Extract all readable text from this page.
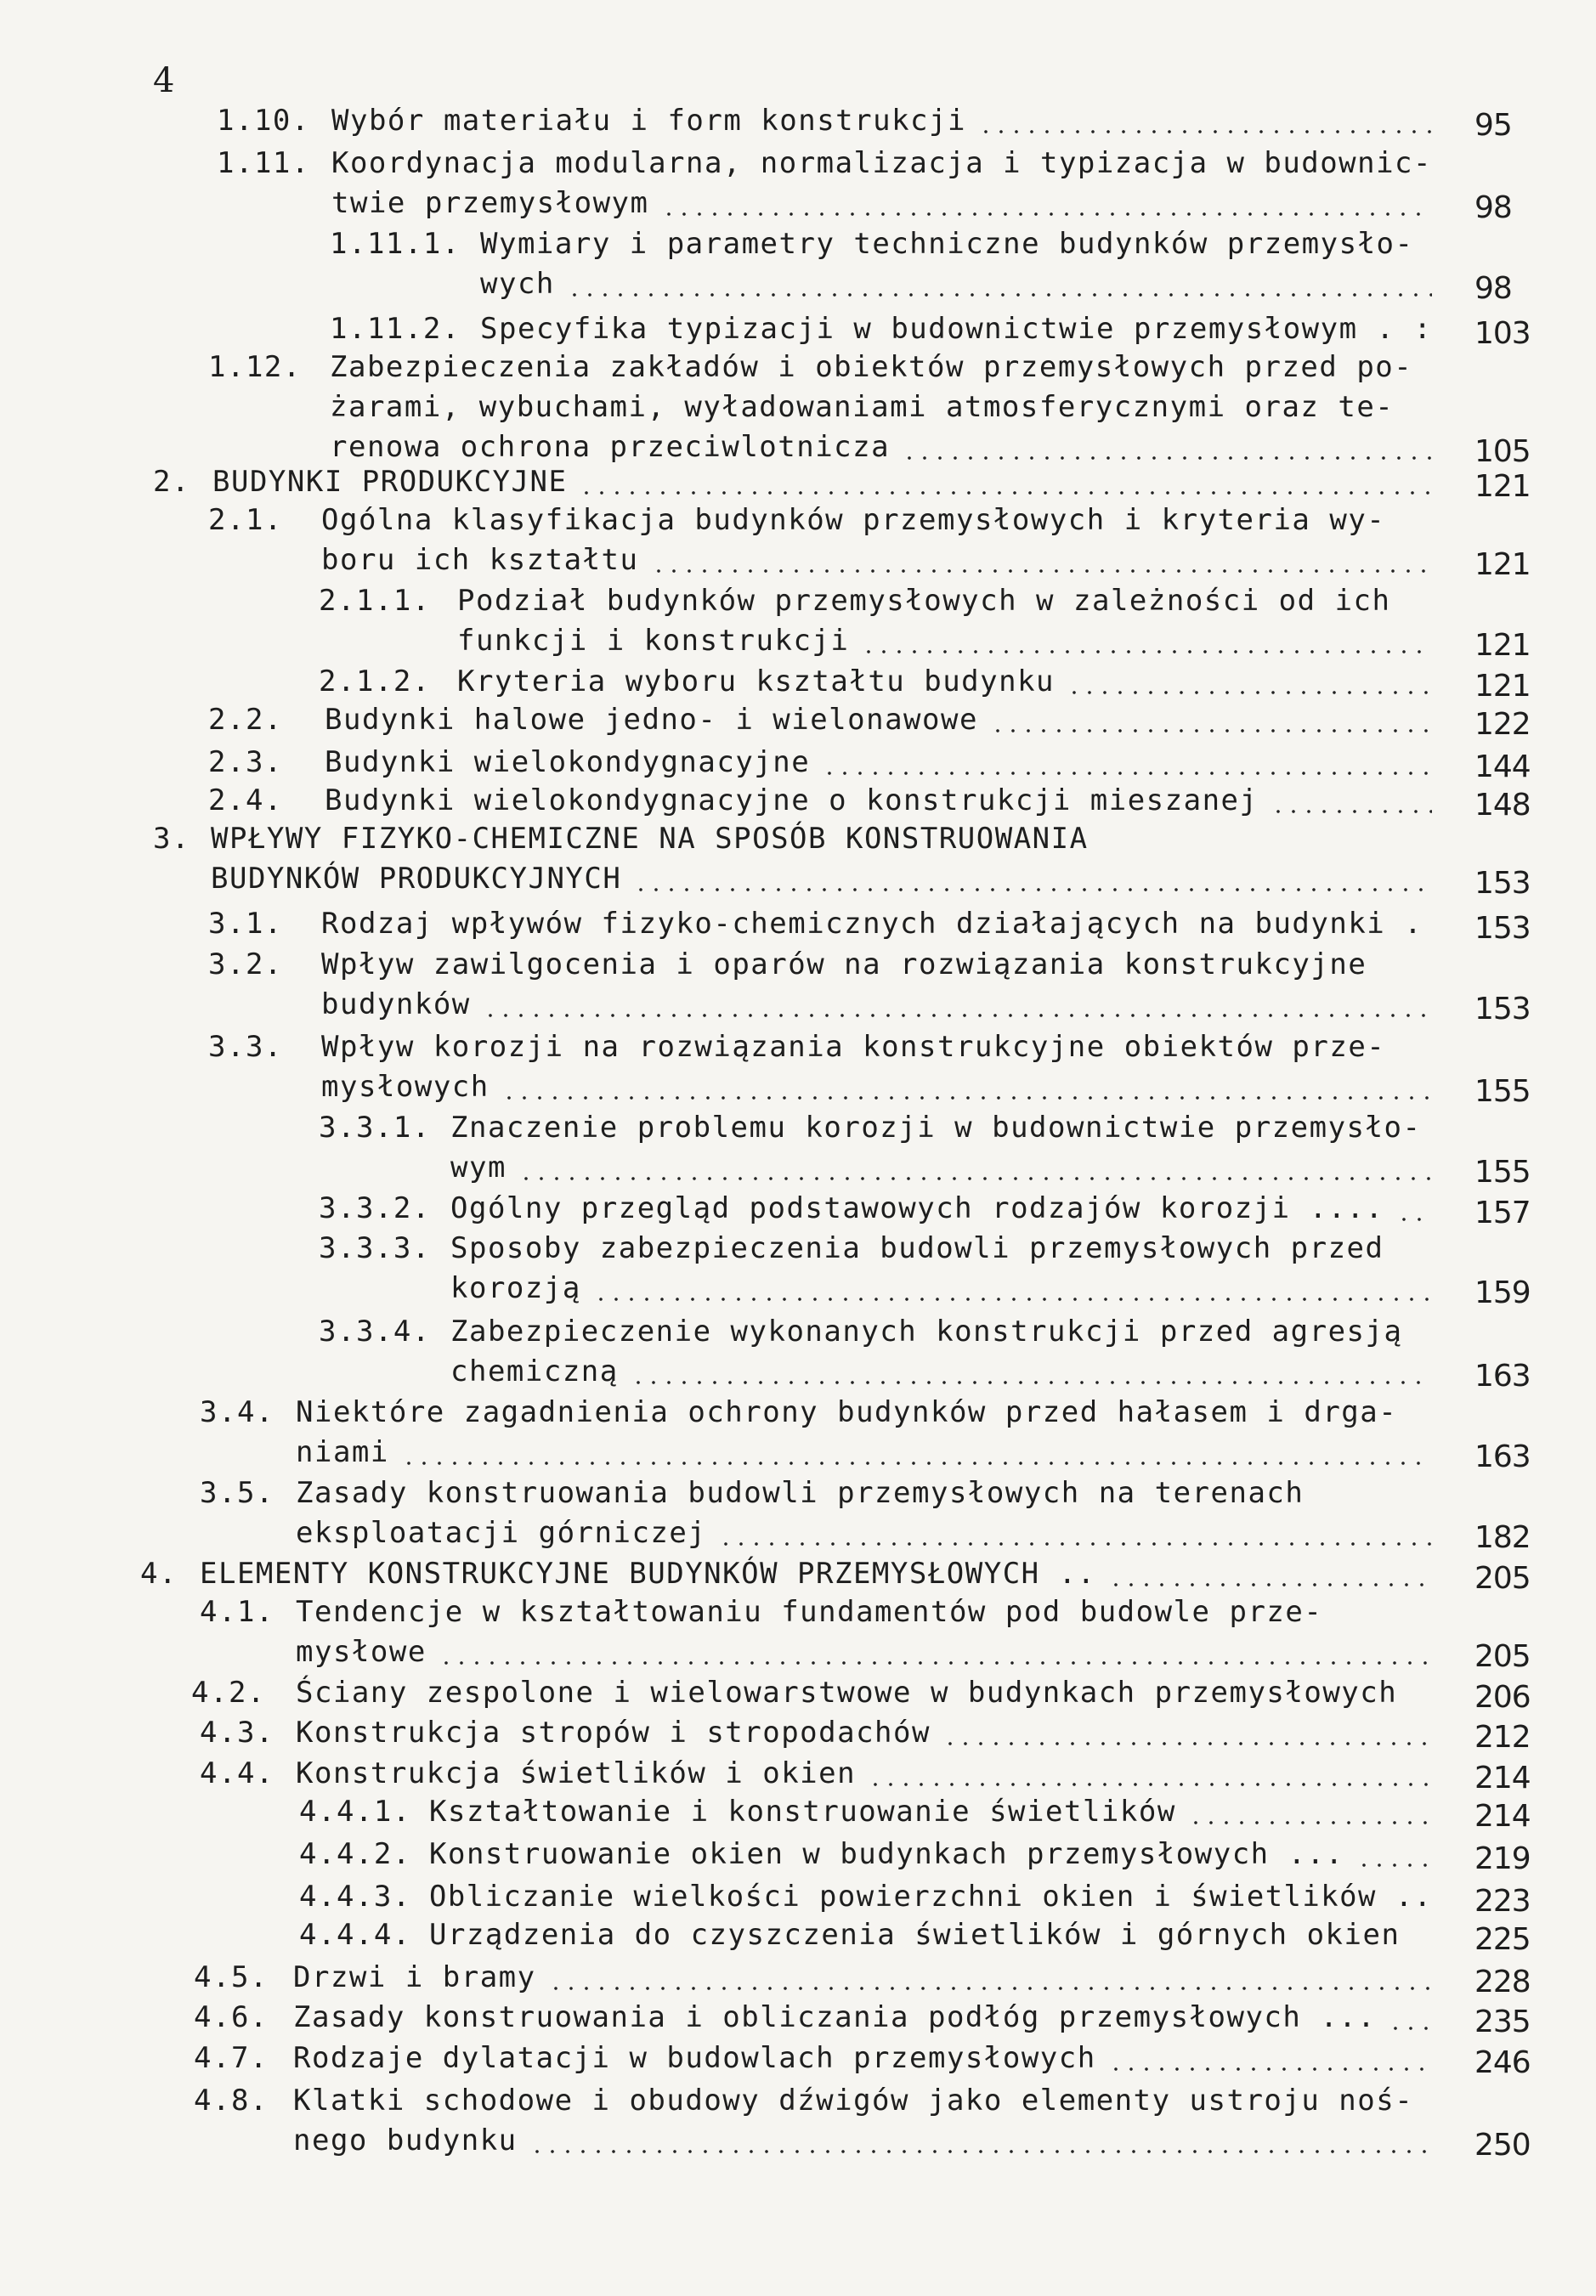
4
1.10. Wybór materiału i form konstrukcji	95
1.11. Koordynacja modularna, normalizacja i typizacja w budownic-
twie przemysłowym	98
1.11.1. Wymiary i parametry techniczne budynków przemysło-
wych	98
1.11.2. Specyfika typizacji w budownictwie przemysłowym . : 103
1.12. Zabezpieczenia zakładów i obiektów przemysłowych przed po-
żarami, wybuchami, wyładowaniami atmosferycznymi oraz te-
renowa ochrona przeciwlotnicza	105
2. BUDYNKI PRODUKCYJNE	121
2.1. Ogólna klasyfikacja budynków przemysłowych i kryteria wy-
boru ich kształtu	121
2.1.1. Podział budynków przemysłowych w zależności od ich
funkcji i konstrukcji	121
2.1.2. Kryteria wyboru kształtu budynku	121
2.2. Budynki halowe jedno- i wielonawowe	122
2.3. Budynki wielokondygnacyjne	144
2.4. Budynki wielokondygnacyjne o konstrukcji mieszanej	148
3. WPŁYWY FIZYKO-CHEMICZNE NA SPOSÓB KONSTRUOWANIA
BUDYNKÓW PRODUKCYJNYCH	153
3.1. Rodzaj wpływów fizyko-chemicznych działających na budynki . 153
3.2. Wpływ zawilgocenia i oparów na rozwiązania konstrukcyjne
budynków	153
3.3. Wpływ korozji na rozwiązania konstrukcyjne obiektów prze-
mysłowych	155
3.3.1. Znaczenie problemu korozji w budownictwie przemysło-
wym	155
3.3.2. Ogólny przegląd podstawowych rodzajów korozji ....	157
3.3.3. Sposoby zabezpieczenia budowli przemysłowych przed
korozją	159
3.3.4. Zabezpieczenie wykonanych konstrukcji przed agresją
chemiczną	163
3.4. Niektóre zagadnienia ochrony budynków przed hałasem i drga-
niami	163
3.5. Zasady konstruowania budowli przemysłowych na terenach
eksploatacji górniczej	182
4. ELEMENTY KONSTRUKCYJNE BUDYNKÓW PRZEMYSŁOWYCH ..	205
4.1. Tendencje w kształtowaniu fundamentów pod budowle prze-
mysłowe	205
4.2. Ściany zespolone i wielowarstwowe w budynkach przemysłowych	206
4.3. Konstrukcja stropów i stropodachów	212
4.4. Konstrukcja świetlików i okien	214
4.4.1. Kształtowanie i konstruowanie świetlików	214
4.4.2. Konstruowanie okien w budynkach przemysłowych ...	219
4.4.3. Obliczanie wielkości powierzchni okien i świetlików .. 223
4.4.4. Urządzenia do czyszczenia świetlików i górnych okien 225
4.5. Drzwi i bramy	228
4.6. Zasady konstruowania i obliczania podłóg przemysłowych ...	235
4.7. Rodzaje dylatacji w budowlach przemysłowych	246
4.8. Klatki schodowe i obudowy dźwigów jako elementy ustroju noś-
nego budynku	250
